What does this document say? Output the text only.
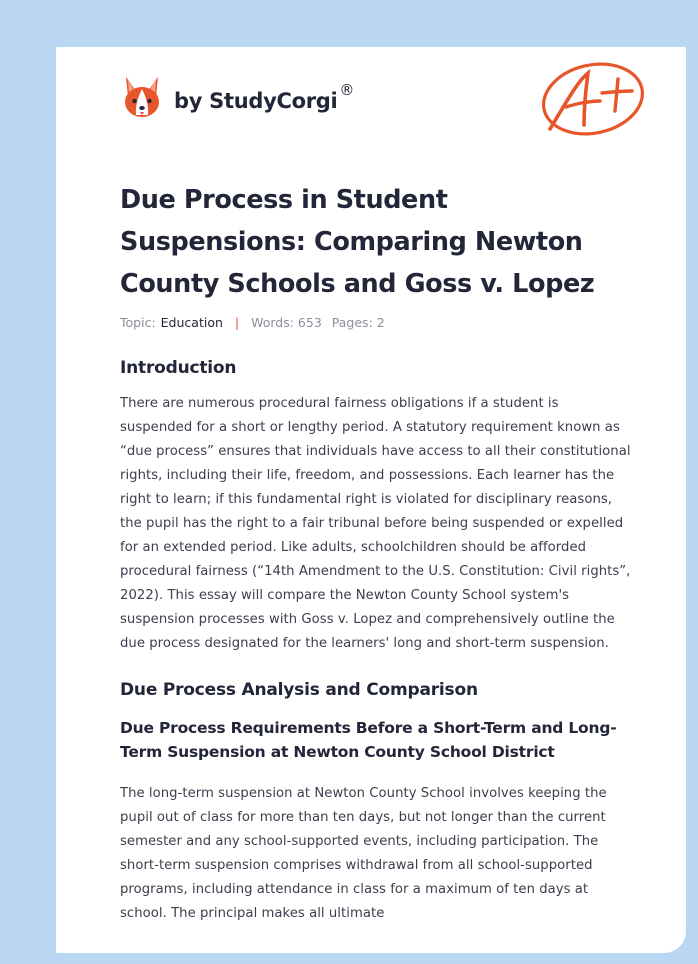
by StudyCorgi ®
Due Process in Student Suspensions: Comparing Newton County Schools and Goss v. Lopez
Topic: Education | Words: 653 Pages: 2
Introduction

There are numerous procedural fairness obligations if a student is suspended for a short or lengthy period. A statutory requirement known as “due process” ensures that individuals have access to all their constitutional rights, including their life, freedom, and possessions. Each learner has the right to learn; if this fundamental right is violated for disciplinary reasons, the pupil has the right to a fair tribunal before being suspended or expelled for an extended period. Like adults, schoolchildren should be afforded procedural fairness (“14th Amendment to the U.S. Constitution: Civil rights”, 2022). This essay will compare the Newton County School system's suspension processes with Goss v. Lopez and comprehensively outline the due process designated for the learners' long and short-term suspension.

Due Process Analysis and Comparison
Due Process Requirements Before a Short-Term and Long-Term Suspension at Newton County School District

The long-term suspension at Newton County School involves keeping the pupil out of class for more than ten days, but not longer than the current semester and any school-supported events, including participation. The short-term suspension comprises withdrawal from all school-supported programs, including attendance in class for a maximum of ten days at school. The principal makes all ultimate
